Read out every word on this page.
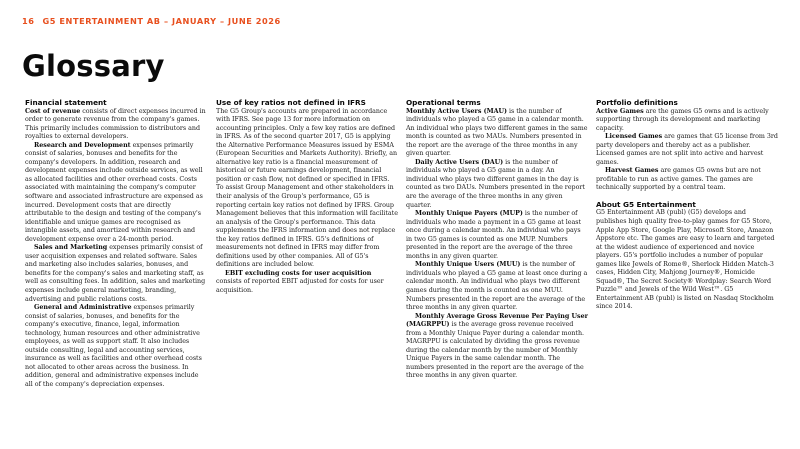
16 G5 ENTERTAINMENT AB – JANUARY – JUNE 2026
Glossary
Financial statement

Cost of revenue consists of direct expenses incurred in order to generate revenue from the company's games. This primarily includes commission to distributors and royalties to external developers.

Research and Development expenses primarily consist of salaries, bonuses and benefits for the company's developers. In addition, research and development expenses include outside services, as well as allocated facilities and other overhead costs. Costs associated with maintaining the company's computer software and associated infrastructure are expensed as incurred. Development costs that are directly attributable to the design and testing of the company's identifiable and unique games are recognised as intangible assets, and amortized within research and development expense over a 24-month period.

Sales and Marketing expenses primarily consist of user acquisition expenses and related software. Sales and marketing also includes salaries, bonuses, and benefits for the company's sales and marketing staff, as well as consulting fees. In addition, sales and marketing expenses include general marketing, branding, advertising and public relations costs.

General and Administrative expenses primarily consist of salaries, bonuses, and benefits for the company's executive, finance, legal, information technology, human resources and other administrative employees, as well as support staff. It also includes outside consulting, legal and accounting services, insurance as well as facilities and other overhead costs not allocated to other areas across the business. In addition, general and administrative expenses include all of the company's depreciation expenses.

Use of key ratios not defined in IFRS

The G5 Group's accounts are prepared in accordance with IFRS. See page 13 for more information on accounting principles. Only a few key ratios are defined in IFRS. As of the second quarter 2017, G5 is applying the Alternative Performance Measures issued by ESMA (European Securities and Markets Authority). Briefly, an alternative key ratio is a financial measurement of historical or future earnings development, financial position or cash flow, not defined or specified in IFRS. To assist Group Management and other stakeholders in their analysis of the Group's performance, G5 is reporting certain key ratios not defined by IFRS. Group Management believes that this information will facilitate an analysis of the Group's performance. This data supplements the IFRS information and does not replace the key ratios defined in IFRS. G5's definitions of measurements not defined in IFRS may differ from definitions used by other companies. All of G5's definitions are included below.

EBIT excluding costs for user acquisition consists of reported EBIT adjusted for costs for user acquisition.

Operational terms

Monthly Active Users (MAU) is the number of individuals who played a G5 game in a calendar month. An individual who plays two different games in the same month is counted as two MAUs. Numbers presented in the report are the average of the three months in any given quarter.

Daily Active Users (DAU) is the number of individuals who played a G5 game in a day. An individual who plays two different games in the day is counted as two DAUs. Numbers presented in the report are the average of the three months in any given quarter.

Monthly Unique Payers (MUP) is the number of individuals who made a payment in a G5 game at least once during a calendar month. An individual who pays in two G5 games is counted as one MUP. Numbers presented in the report are the average of the three months in any given quarter.

Monthly Unique Users (MUU) is the number of individuals who played a G5 game at least once during a calendar month. An individual who plays two different games during the month is counted as one MUU. Numbers presented in the report are the average of the three months in any given quarter.

Monthly Average Gross Revenue Per Paying User (MAGRPPU) is the average gross revenue received from a Monthly Unique Payer during a calendar month. MAGRPPU is calculated by dividing the gross revenue during the calendar month by the number of Monthly Unique Payers in the same calendar month. The numbers presented in the report are the average of the three months in any given quarter.

Portfolio definitions

Active Games are the games G5 owns and is actively supporting through its development and marketing capacity.

Licensed Games are games that G5 license from 3rd party developers and thereby act as a publisher. Licensed games are not split into active and harvest games.

Harvest Games are games G5 owns but are not profitable to run as active games. The games are technically supported by a central team.

About G5 Entertainment

G5 Entertainment AB (publ) (G5) develops and publishes high quality free-to-play games for G5 Store, Apple App Store, Google Play, Microsoft Store, Amazon Appstore etc. The games are easy to learn and targeted at the widest audience of experienced and novice players. G5's portfolio includes a number of popular games like Jewels of Rome®, Sherlock Hidden Match-3 cases, Hidden City, Mahjong Journey®, Homicide Squad®, The Secret Society® Wordplay: Search Word Puzzle™ and Jewels of the Wild West™. G5 Entertainment AB (publ) is listed on Nasdaq Stockholm since 2014.
